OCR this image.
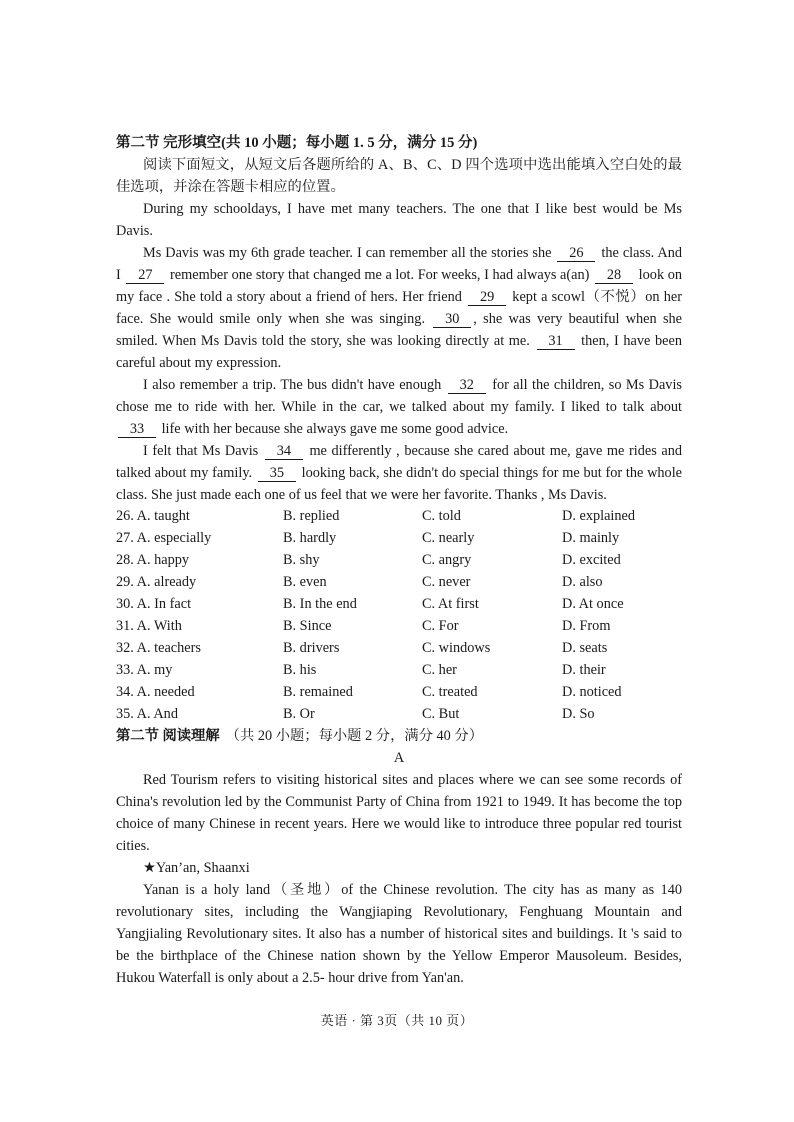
第二节 完形填空(共 10 小题；每小题 1. 5 分，满分 15 分)

阅读下面短文，从短文后各题所给的 A、B、C、D 四个选项中选出能填入空白处的最佳选项，并涂在答题卡相应的位置。

During my schooldays, I have met many teachers. The one that I like best would be Ms Davis.

Ms Davis was my 6th grade teacher. I can remember all the stories she 26 the class. And I 27 remember one story that changed me a lot. For weeks, I had always a(an) 28 look on my face . She told a story about a friend of hers. Her friend 29 kept a scowl（不悦）on her face. She would smile only when she was singing. 30 , she was very beautiful when she smiled. When Ms Davis told the story, she was looking directly at me. 31 then, I have been careful about my expression.

I also remember a trip. The bus didn't have enough 32 for all the children, so Ms Davis chose me to ride with her. While in the car, we talked about my family. I liked to talk about 33 life with her because she always gave me some good advice.

I felt that Ms Davis 34 me differently , because she cared about me, gave me rides and talked about my family. 35 looking back, she didn't do special things for me but for the whole class. She just made each one of us feel that we were her favorite. Thanks , Ms Davis.

26. A. taught	B. replied	C. told	D. explained
27. A. especially	B. hardly	C. nearly	D. mainly
28. A. happy	B. shy	C. angry	D. excited
29. A. already	B. even	C. never	D. also
30. A. In fact	B. In the end	C. At first	D. At once
31. A. With	B. Since	C. For	D. From
32. A. teachers	B. drivers	C. windows	D. seats
33. A. my	B. his	C. her	D. their
34. A. needed	B. remained	C. treated	D. noticed
35. A. And	B. Or	C. But	D. So
第二节 阅读理解 （共 20 小题；每小题 2 分，满分 40 分）
A

Red Tourism refers to visiting historical sites and places where we can see some records of China's revolution led by the Communist Party of China from 1921 to 1949. It has become the top choice of many Chinese in recent years. Here we would like to introduce three popular red tourist cities.

★Yan’an, Shaanxi

Yanan is a holy land（圣地）of the Chinese revolution. The city has as many as 140 revolutionary sites, including the Wangjiaping Revolutionary, Fenghuang Mountain and Yangjialing Revolutionary sites. It also has a number of historical sites and buildings. It 's said to be the birthplace of the Chinese nation shown by the Yellow Emperor Mausoleum. Besides, Hukou Waterfall is only about a 2.5- hour drive from Yan'an.

英语 · 第 3页（共 10 页）
